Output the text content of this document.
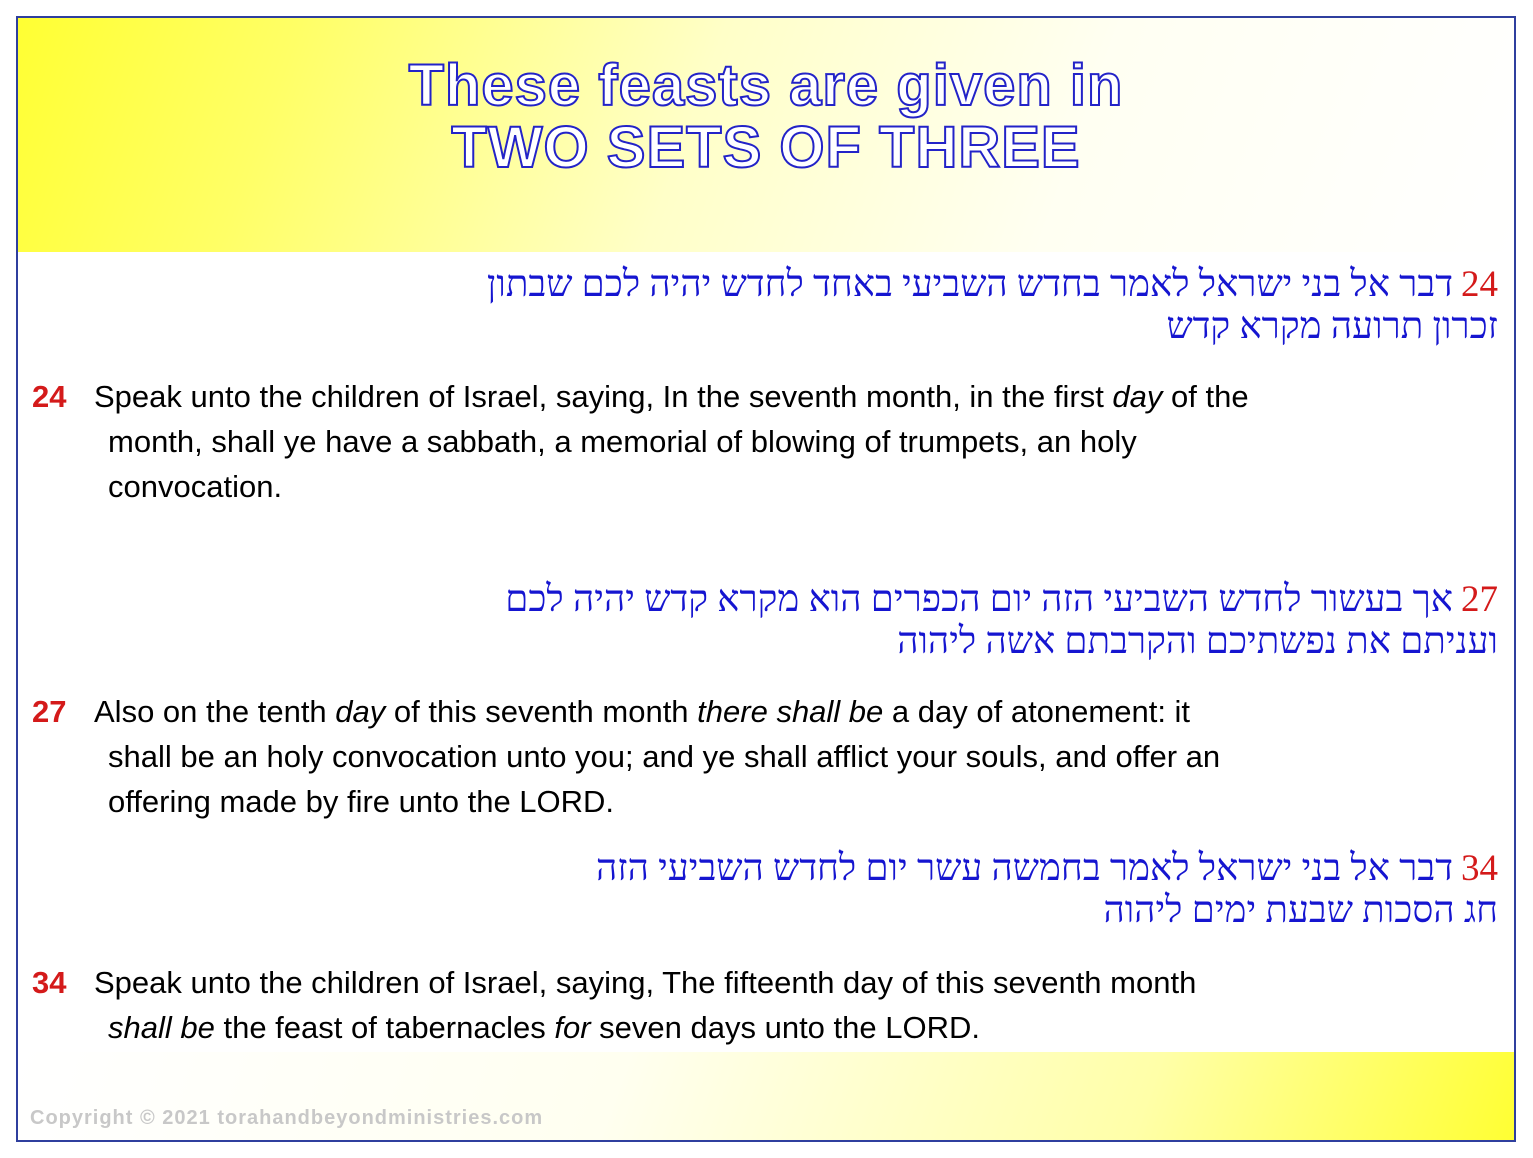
These feasts are given in
TWO SETS OF THREE
24דבר אל בני ישראל לאמר בחדש השביעי באחד לחדש יהיה לכם שבתון
זכרון תרועה מקרא קדש
24 Speak unto the children of Israel, saying, In the seventh month, in the first day of the
month, shall ye have a sabbath, a memorial of blowing of trumpets, an holy
convocation.
27אך בעשור לחדש השביעי הזה יום הכפרים הוא מקרא קדש יהיה לכם
ועניתם את נפשתיכם והקרבתם אשה ליהוה
27 Also on the tenth day of this seventh month there shall be a day of atonement: it
shall be an holy convocation unto you; and ye shall afflict your souls, and offer an
offering made by fire unto the LORD.
34דבר אל בני ישראל לאמר בחמשה עשר יום לחדש השביעי הזה
חג הסכות שבעת ימים ליהוה
34 Speak unto the children of Israel, saying, The fifteenth day of this seventh month
shall be the feast of tabernacles for seven days unto the LORD.
Copyright © 2021 torahandbeyondministries.com
